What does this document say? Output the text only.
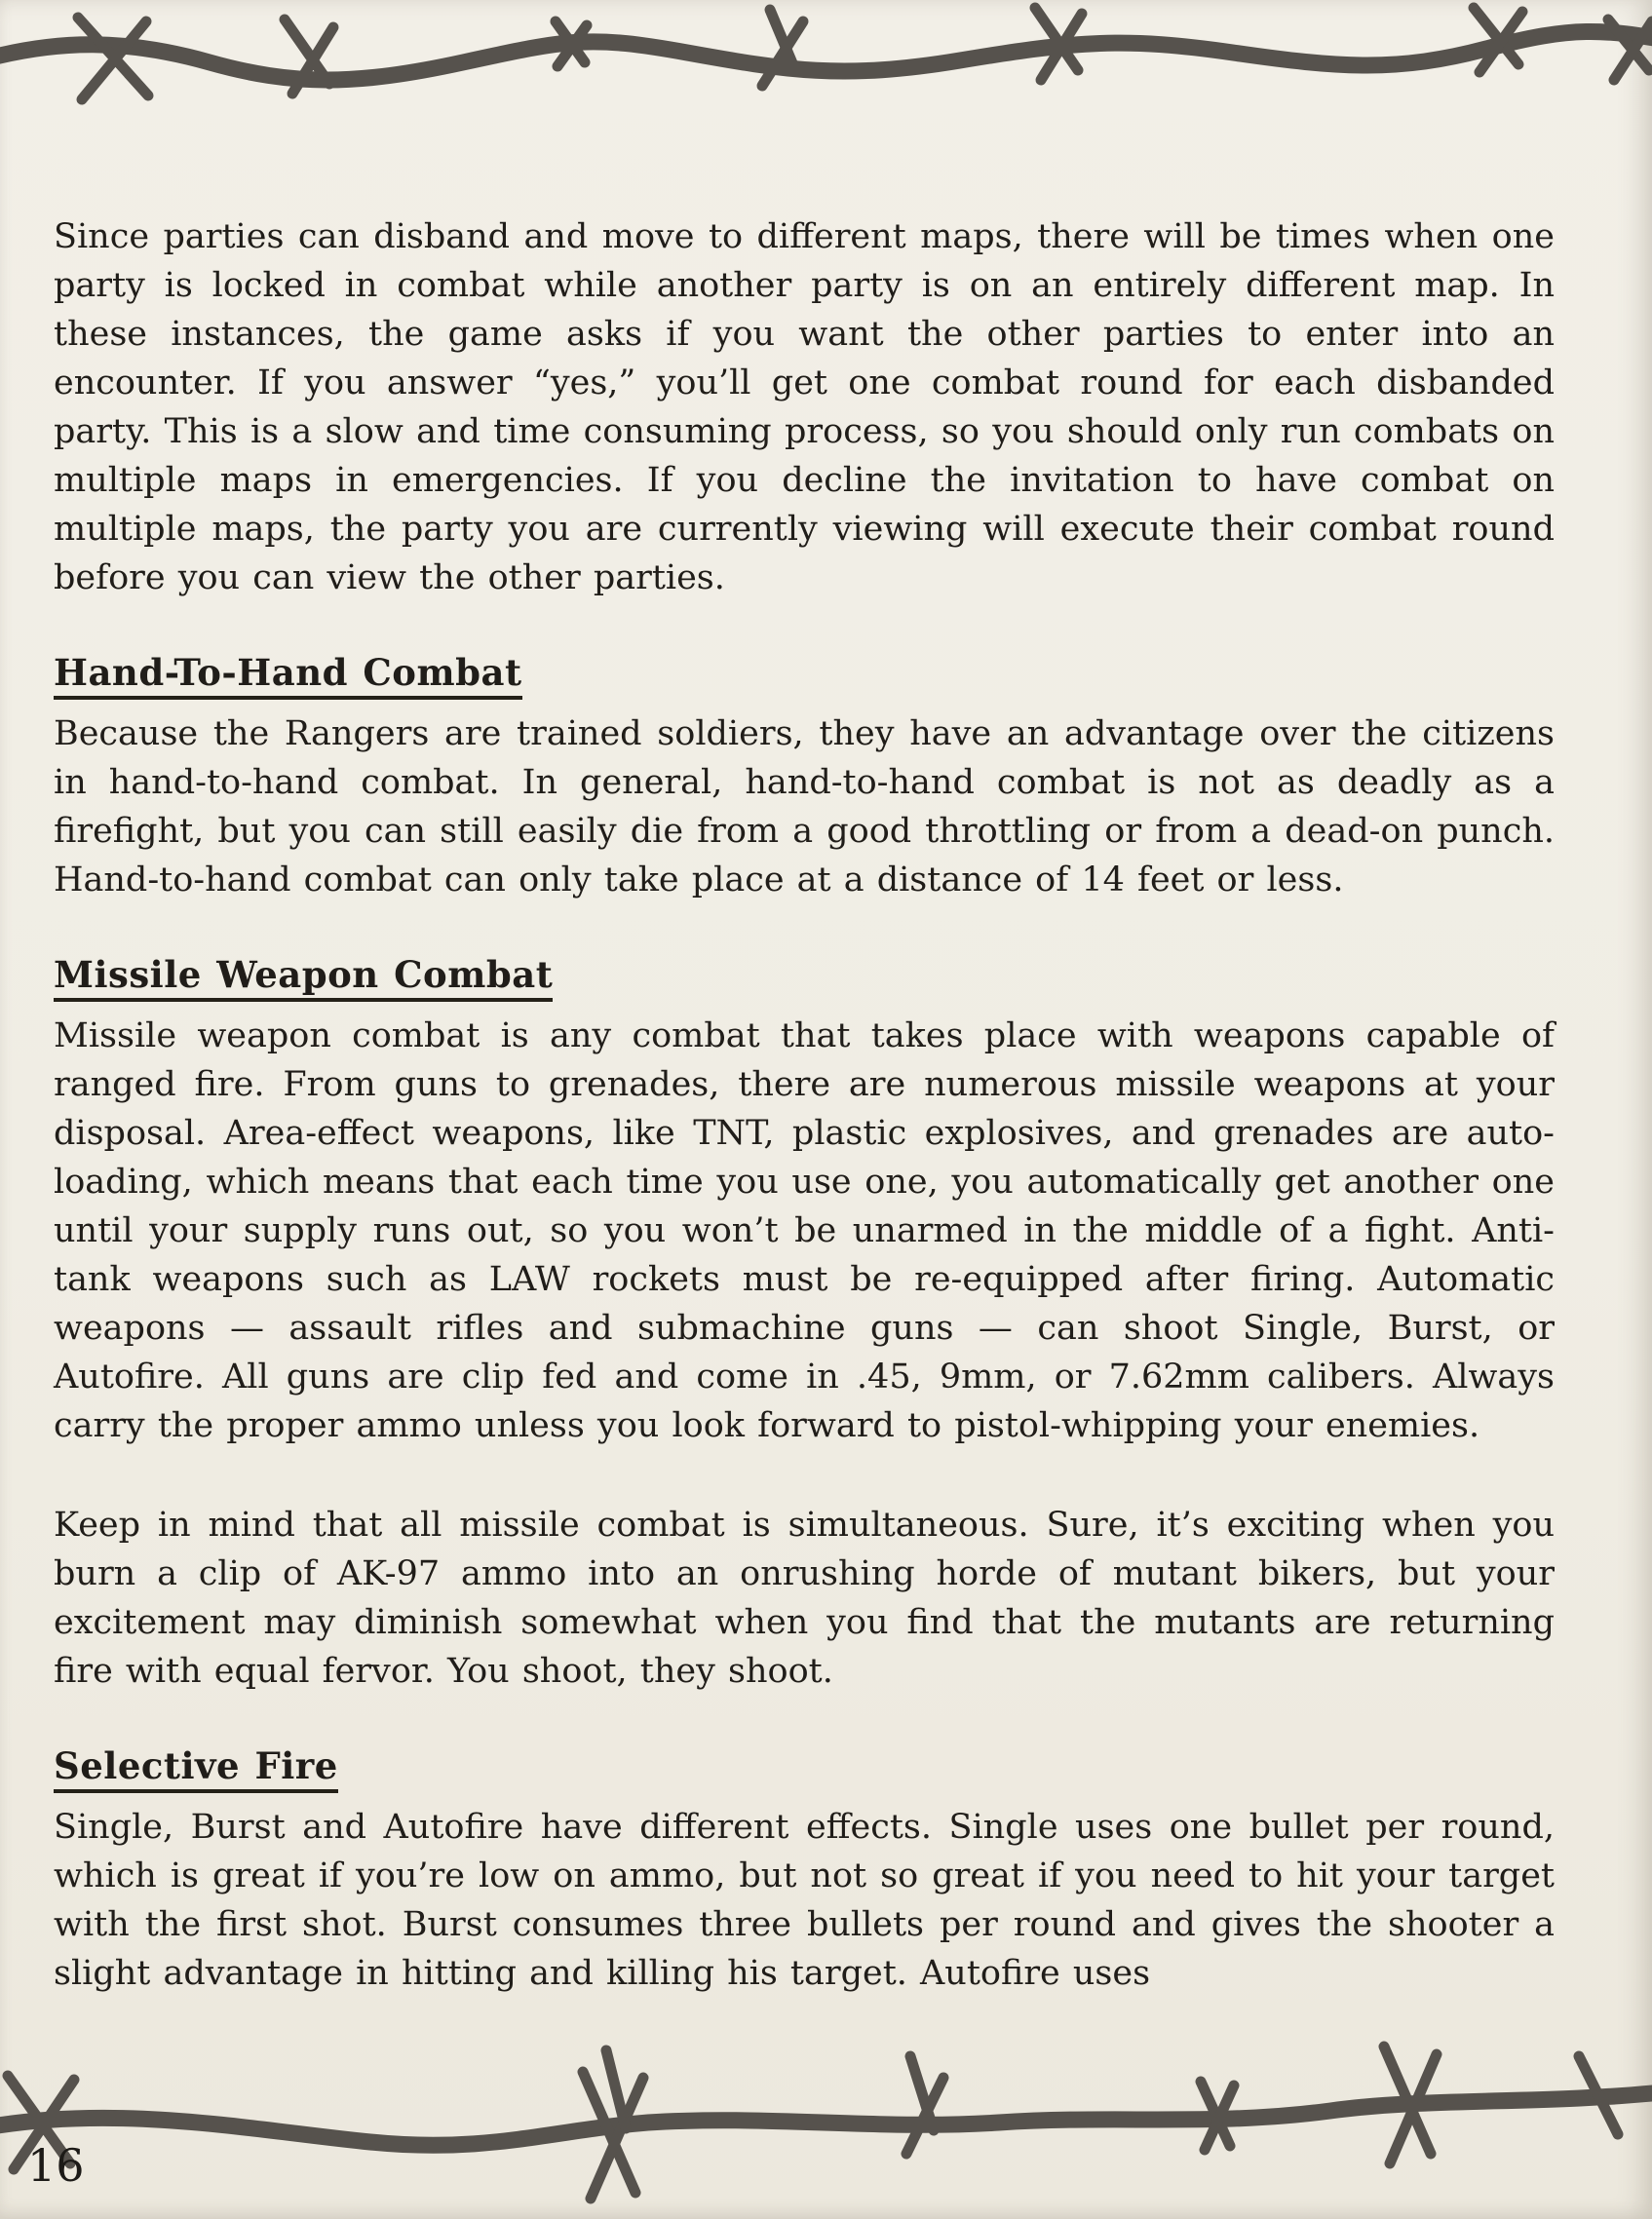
Since parties can disband and move to different maps, there will be times when one party is locked in combat while another party is on an entirely different map. In these instances, the game asks if you want the other parties to enter into an encounter. If you answer “yes,” you’ll get one combat round for each disbanded party. This is a slow and time consuming process, so you should only run combats on multiple maps in emergencies. If you decline the invitation to have combat on multiple maps, the party you are currently viewing will execute their combat round before you can view the other parties.

Hand-To-Hand Combat

Because the Rangers are trained soldiers, they have an advantage over the citizens in hand-to-hand combat. In general, hand-to-hand combat is not as deadly as a firefight, but you can still easily die from a good throttling or from a dead-on punch. Hand-to-hand combat can only take place at a distance of 14 feet or less.

Missile Weapon Combat

Missile weapon combat is any combat that takes place with weapons capable of ranged fire. From guns to grenades, there are numerous missile weapons at your disposal. Area-effect weapons, like TNT, plastic explosives, and grenades are auto-loading, which means that each time you use one, you automatically get another one until your supply runs out, so you won’t be unarmed in the middle of a fight. Anti-tank weapons such as LAW rockets must be re-equipped after firing. Automatic weapons — assault rifles and submachine guns — can shoot Single, Burst, or Autofire. All guns are clip fed and come in .45, 9mm, or 7.62mm calibers. Always carry the proper ammo unless you look forward to pistol-whipping your enemies.

Keep in mind that all missile combat is simultaneous. Sure, it’s exciting when you burn a clip of AK-97 ammo into an onrushing horde of mutant bikers, but your excitement may diminish somewhat when you find that the mutants are returning fire with equal fervor. You shoot, they shoot.

Selective Fire

Single, Burst and Autofire have different effects. Single uses one bullet per round, which is great if you’re low on ammo, but not so great if you need to hit your target with the first shot. Burst consumes three bullets per round and gives the shooter a slight advantage in hitting and killing his target. Autofire uses

16
